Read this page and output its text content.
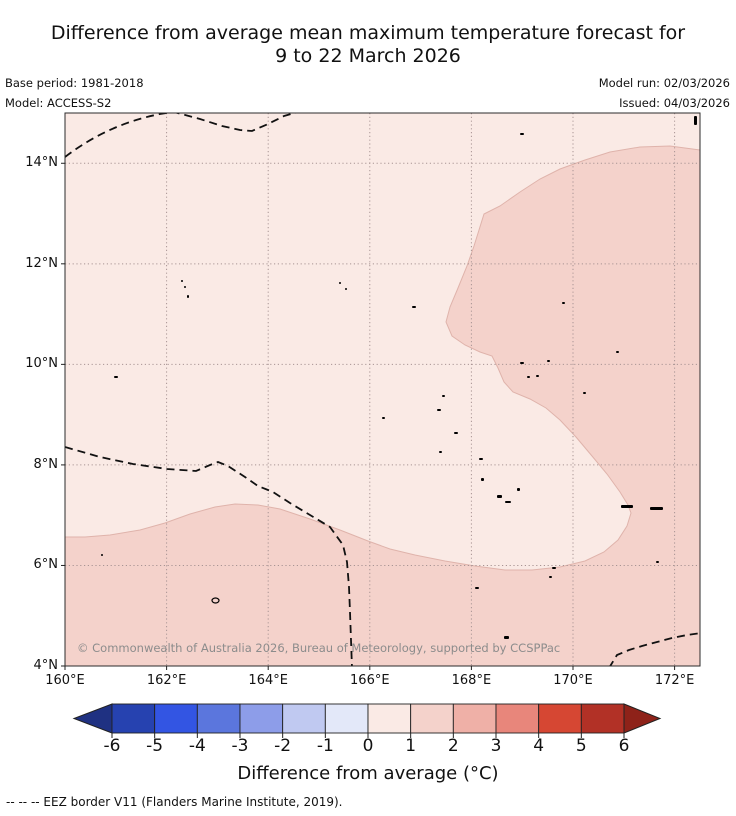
Difference from average mean maximum temperature forecast for
9 to 22 March 2026
Base period: 1981-2018
Model: ACCESS-S2
Model run: 02/03/2026
Issued: 04/03/2026
© Commonwealth of Australia 2026, Bureau of Meteorology, supported by CCSPPac
Difference from average (°C)
-- -- -- EEZ border V11 (Flanders Marine Institute, 2019).
160°E	162°E	164°E	166°E	168°E	170°E	172°E
4°N
6°N
8°N
10°N
12°N
14°N
-6	-5	-4	-3	-2	-1	0	1	2	3	4	5	6
